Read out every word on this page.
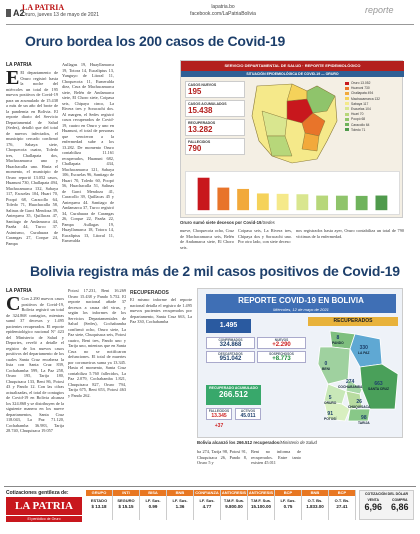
A2
LA PATRIA
Oruro, jueves 13 de mayo de 2021
lapatria.bo
facebook.com/LaPatriaBolivia	reporte
Oruro bordea los 200 casos de Covid-19
LA PATRIA
E El departamento de Oruro registró hasta la noche del miércoles un total de 195 nuevos positivos de Covid-19 para un acumulado de 15.438 a más de un año del brote de la pandemia en Bolivia. El reporte diario del Servicio Departamental de Salud (Sedes), detalló que del total de nuevos infectados, el municipio cercado confirmó 176, Sabaya siete, Choquecota cuatro, Toledo tres, Challapata dos, Machacamarca uno y Huachacalla uno. Hasta el momento, el municipio de Oruro reportó 13.052 casos, Huanuni 730, Challapata 494, Machacamarca 132, Sabaya 117, Escuelas 104, Huari 70, Poopó 68, Caracollo 64, Toledo 71, Huachacalla 58, Salinas de Garci Mendoza 39, Antequera 35, Quillacas 47, Santiago de Andamarca 44, Pazña 44, Turco 37. Asimismo, Curahuara de Carangas 27, Corque 24, Pampa
Aullagas 19, Huayllamarca 19, Totora 14, Eucaliptus 13, Yunguyo de Litoral 11, Choquecota 11, Esmeralda diez, Cruz de Machacamarca siete, Belén de Andamarca siete, El Choro siete, Coipasa seis, Chipaya cinco, La Rivera tres y Soracachi dos. Al margen, el Sedes registró casos recuperados de Covid-19, cuatro en Oruro y uno en Huanuni, el total de personas que vencieron a la enfermedad sube a los 13.282. De momento Oruro contabiliza 11.161 recuperados, Huanuni 682, Challapata 434, Machacamarca 121, Sabaya 106, Escuelas 96, Santiago de Huari 70, Toledo 60, Poopó 56, Huachacalla 51, Salinas de Garci Mendoza 41, Caracollo 39, Quillacas 45 y Antequera 44. Santiago de Andamarca 37, Turco registró 34, Curahuara de Carangas 26, Corque 22, Pazña 22, Pampa Aullagas 19, Huayllamarca 18, Totora 14, Eucaliptus 13, Litoral 11, Esmeralda
SERVICIO DEPARTAMENTAL DE SALUD · REPORTE EPIDEMIOLÓGICO
SITUACIÓN EPIDEMIOLÓGICA DE COVID-19 — ORURO
CASOS NUEVOS
195
CASOS ACUMULADOS
15.438
RECUPERADOS
13.282
FALLECIDOS
790
Oruro 13.052
Huanuni 730
Challapata 494
Machacamarca 132
Sabaya 117
Escuelas 104
Huari 70
Poopó 68
Caracollo 64
Toledo 71
Oruro sumó siete decesos por Covid-19/Sedes
nueve, Choquecota ocho, Cruz de Machacamarca seis, Belén de Andamarca siete, El Choro seis.
Coipasa seis, La Rivera tres, Chipaya dos y Soracachi uno. Por otro lado, con siete deceso
nos registrados hasta ayer, Oruro contabiliza un total de 790 víctimas de la enfermedad.
Bolivia registra más de 2 mil casos positivos de Covid-19
LA PATRIA
C Con 2.290 nuevos casos positivos de Covid-19, Bolivia registró un total de 324.868 contagios, mientras sumó 37 decesos y 1.495 pacientes recuperados. El reporte epidemiológico nacional N° 423 del Ministerio de Salud y Deportes, reveló a detalle el registro de los nuevos casos positivos del departamento de los cuales Santa Cruz encabeza la lista con Santa Cruz 839, Cochabamba 599, La Paz 258, Oruro 195, Tarija 180, Chuquisaca 133, Beni 86, Potosí 43 y Pando 12. Con las cifras actualizadas, el total de contagios de Covid-19 en Bolivia alcanza los 324.868 y se distribuyen de la siguiente manera en los nueve departamentos, Santa Cruz 118.043, La Paz 71.120, Cochabamba 36.983, Tarija 28.740, Chuquisaca 19.057
Potosí 17.231, Beni 16.269 Oruro 15.438 y Pando 5.752. El reporte nacional añade 37 decesos a causa del virus, y según los informes de los Servicios Departamentales de Salud (Sedes), Cochabamba confirmó ocho, Oruro siete, La Paz siete, Chuquisaca seis, Potosí cuatro, Beni tres, Pando uno y Tarija uno, mientras que en Santa Cruz no se notificaron defunciones. El total de muertes por coronavirus suma ya 13.345. Hasta el momento, Santa Cruz contabiliza 5.760 fallecidos, La Paz 2.079, Cochabamba 1.821, Chuquisaca 827, Oruro 794, Tarija 675, Beni 653, Potosí 463 y Pando 262.
RECUPERADOS
El mismo informe del reporte nacional detalla el registro de 1.495 nuevos pacientes recuperados por departamento, Santa Cruz 663, La Paz 330, Cochabamba
REPORTE COVID-19 EN BOLIVIA
Miércoles, 12 de mayo de 2021
1.495
RECUPERADOS
CONFIRMADOS
324.868
NUEVOS
+2.290
DESCARTADOS
951.042
SOSPECHOSOS
+8.773
RECUPERADO ACUMULADO
266.512
FALLECIDOS
13.345
ACTIVOS
45.011
+37
8
PANDO
330
LA PAZ
0
BENI
663
SANTA CRUZ
274
COCHABAMBA
5
ORURO	26
CHUQUISACA
91
POTOSÍ	98
TARIJA
Bolivia alcanzó los 266.512 recuperados/Ministerio de Salud
ba 274, Tarija 98, Potosí 91, Chuquisaca 26, Pando 8, Oruro 5 y
Beni no informa de recuperados. Entre tanto existen 45.011
Cotizaciones gentileza de:
LA PATRIA
El periódico de Oruro
GRUPO
ESTADO
$ 13.18
INTI
SEGURO
$ 15.15
BISA
LF. Sus.
0.99
BNB
LF. Sus.
1.36
CONFIANZA
LF. Sus.
4.77
ANTICRESIS
T.M.F. Sus.
9.800.00
ANTICRESIS
T.M.F. Sus.
15.100.00
BCP
LF. Sus.
0.75
BNB
O.T. Bs.
1.833.00
BCP
O.T. Bs.
27.41
COTIZACIÓN DEL DÓLAR
VENTA
6,96
COMPRA
6,86
